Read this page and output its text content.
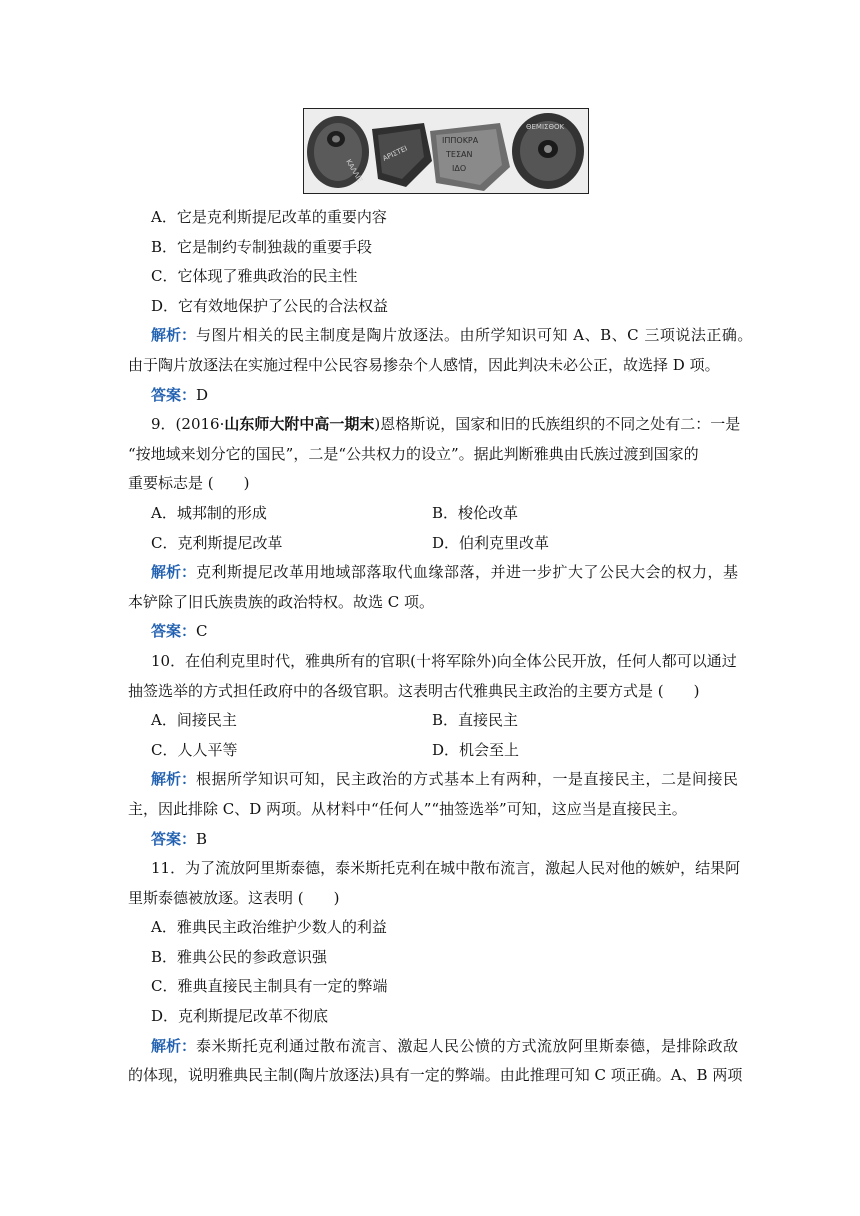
ΚΑΛΛΙΞ
ΑΡΙΣΤΕΙ
ΙΠΠΟΚΡΑ
ΤΕΣΑΝ
ΙΔΟ
ΘΕΜΙΣΘΟΚ
A．它是克利斯提尼改革的重要内容
B．它是制约专制独裁的重要手段
C．它体现了雅典政治的民主性
D．它有效地保护了公民的合法权益
解析：与图片相关的民主制度是陶片放逐法。由所学知识可知 A、B、C 三项说法正确。
由于陶片放逐法在实施过程中公民容易掺杂个人感情，因此判决未必公正，故选择 D 项。
答案：D
9．(2016·山东师大附中高一期末)恩格斯说，国家和旧的氏族组织的不同之处有二：一是
“按地域来划分它的国民”，二是“公共权力的设立”。据此判断雅典由氏族过渡到国家的
重要标志是 (　　)
A．城邦制的形成	B．梭伦改革
C．克利斯提尼改革	D．伯利克里改革
解析：克利斯提尼改革用地域部落取代血缘部落，并进一步扩大了公民大会的权力，基
本铲除了旧氏族贵族的政治特权。故选 C 项。
答案：C
10．在伯利克里时代，雅典所有的官职(十将军除外)向全体公民开放，任何人都可以通过
抽签选举的方式担任政府中的各级官职。这表明古代雅典民主政治的主要方式是 (　　)
A．间接民主	B．直接民主
C．人人平等	D．机会至上
解析：根据所学知识可知，民主政治的方式基本上有两种，一是直接民主，二是间接民
主，因此排除 C、D 两项。从材料中“任何人”“抽签选举”可知，这应当是直接民主。
答案：B
11．为了流放阿里斯泰德，泰米斯托克利在城中散布流言，激起人民对他的嫉妒，结果阿
里斯泰德被放逐。这表明 (　　)
A．雅典民主政治维护少数人的利益
B．雅典公民的参政意识强
C．雅典直接民主制具有一定的弊端
D．克利斯提尼改革不彻底
解析：泰米斯托克利通过散布流言、激起人民公愤的方式流放阿里斯泰德，是排除政敌
的体现，说明雅典民主制(陶片放逐法)具有一定的弊端。由此推理可知 C 项正确。A、B 两项
